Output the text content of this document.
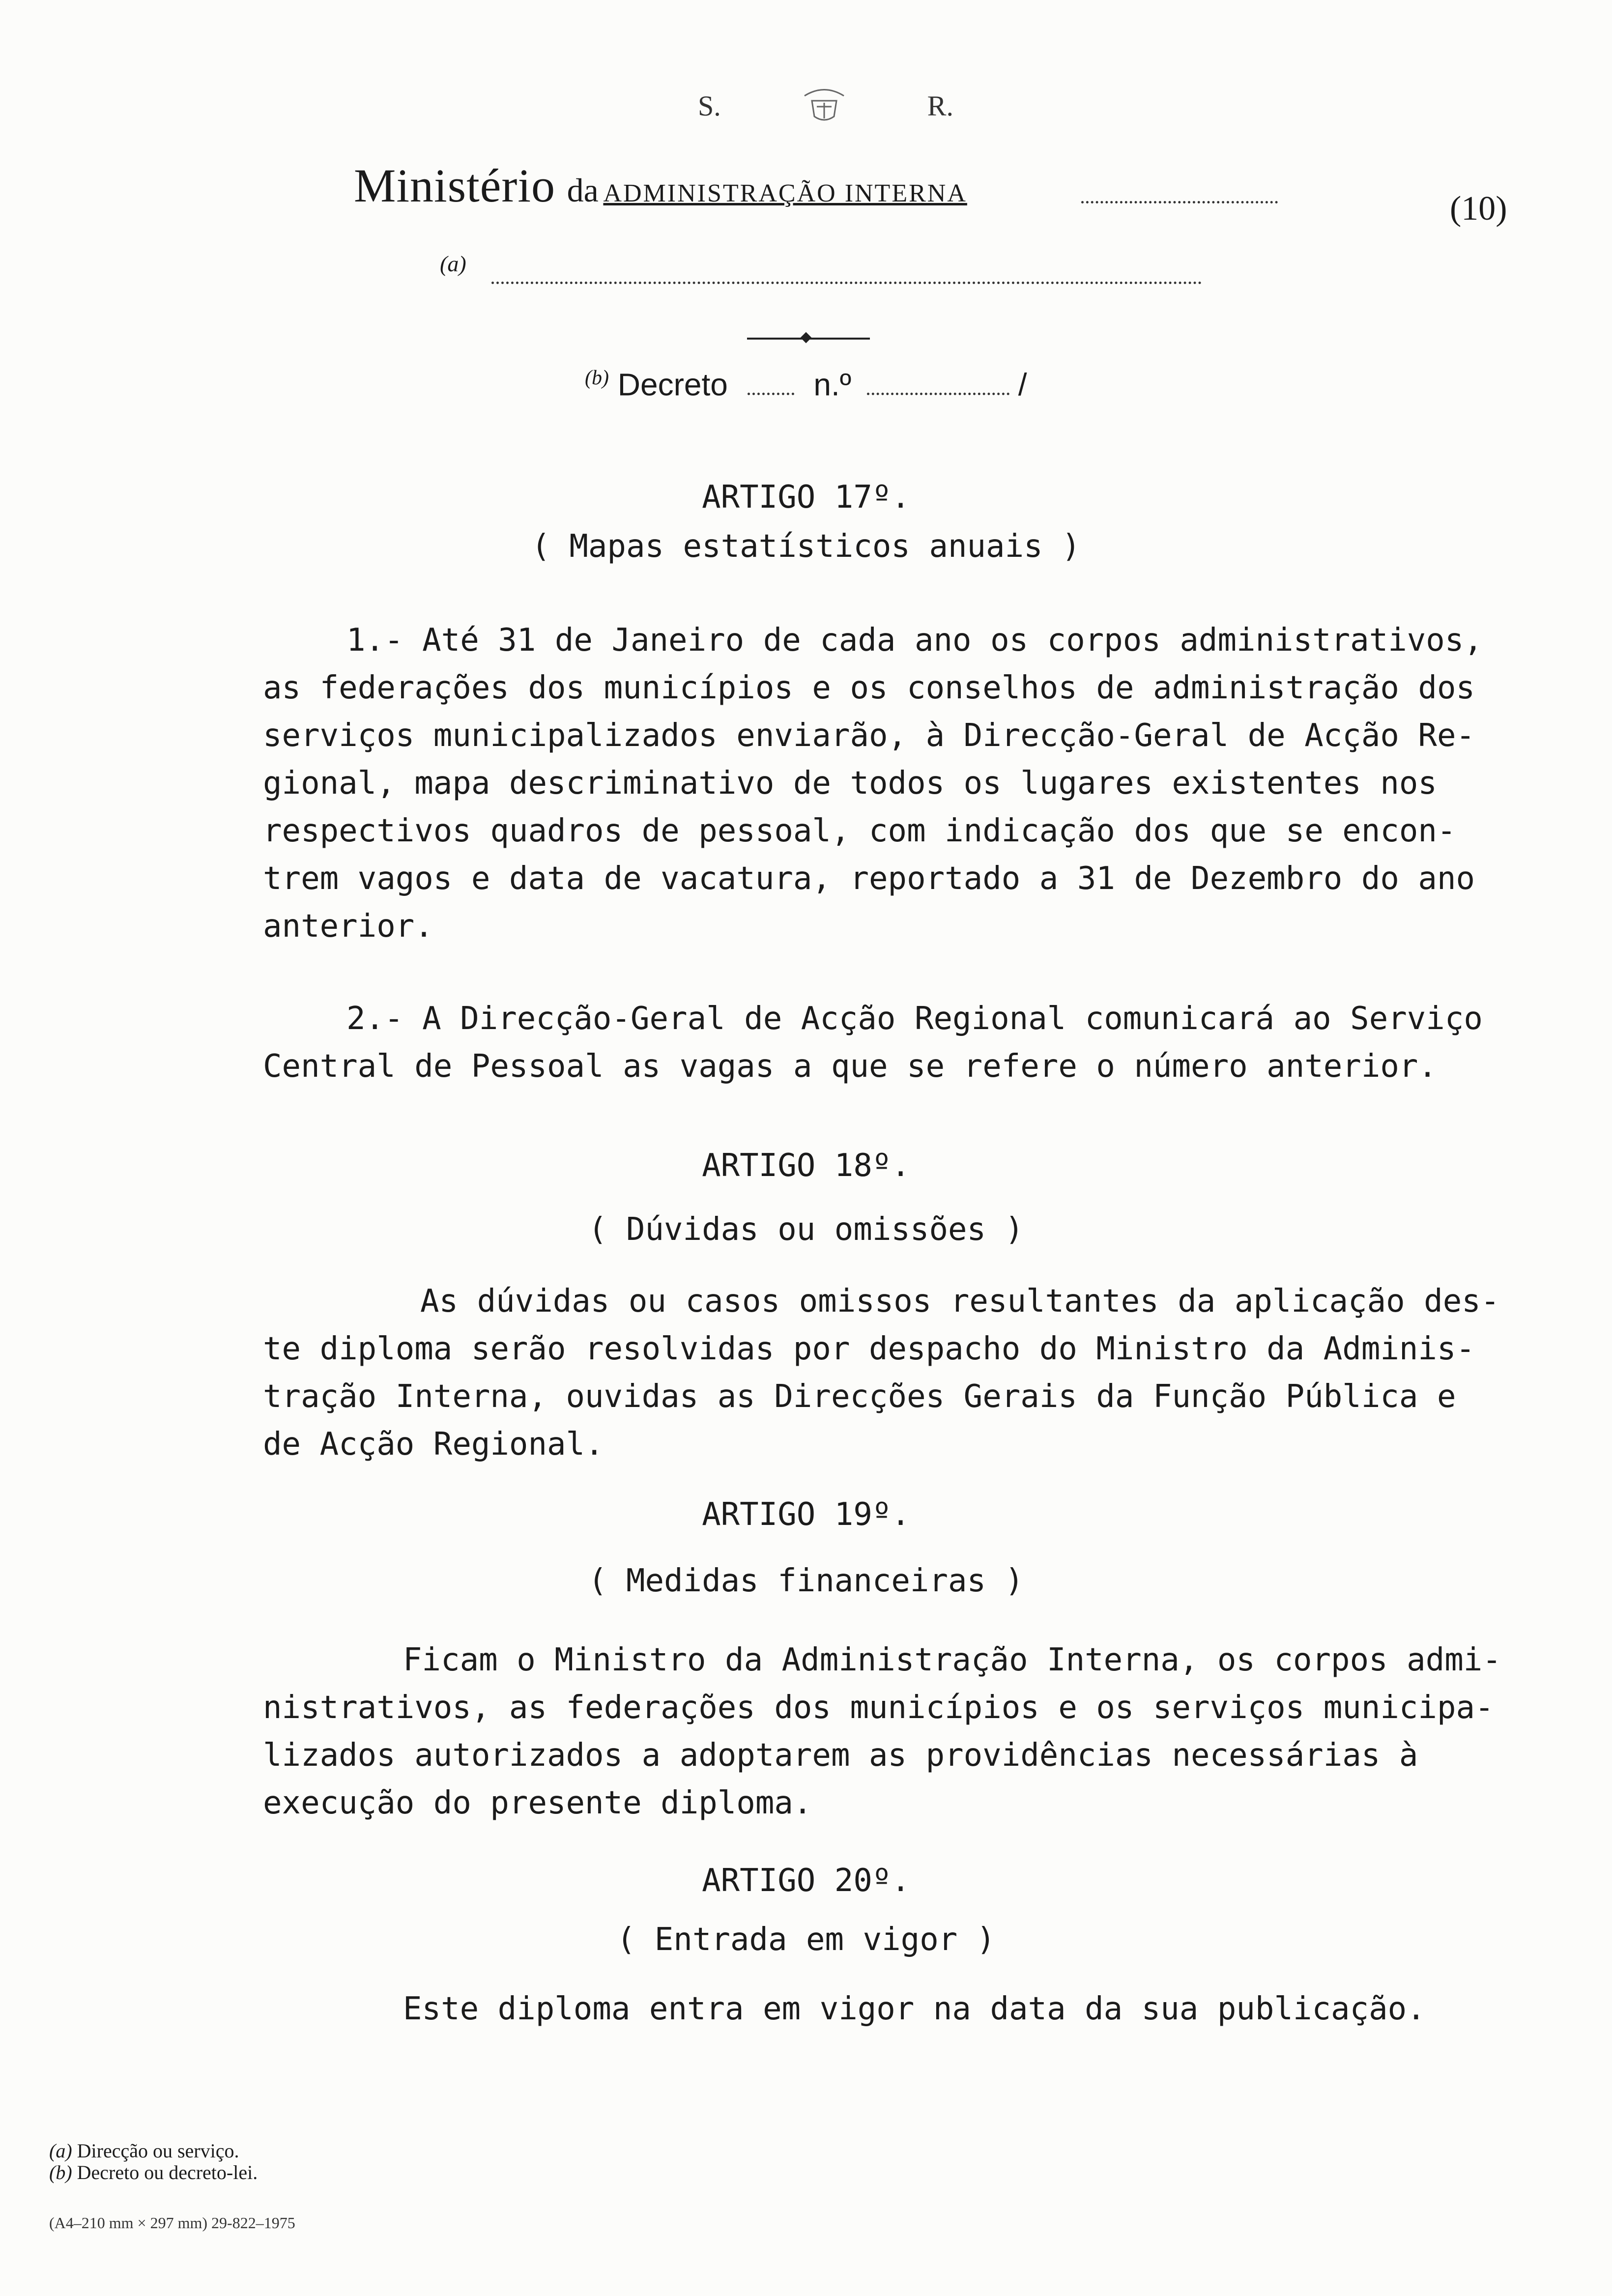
S.	R.
Ministério da ADMINISTRAÇÃO INTERNA	(10)
(a)
$^{(b)}$ Decreto	n.º	/
ARTIGO 17º.
( Mapas estatísticos anuais )
1.- Até 31 de Janeiro de cada ano os corpos administrativos,
as federações dos municípios e os conselhos de administração dos
serviços municipalizados enviarão, à Direcção-Geral de Acção Re-
gional, mapa descriminativo de todos os lugares existentes nos
respectivos quadros de pessoal, com indicação dos que se encon-
trem vagos e data de vacatura, reportado a 31 de Dezembro do ano
anterior.
2.- A Direcção-Geral de Acção Regional comunicará ao Serviço
Central de Pessoal as vagas a que se refere o número anterior.
ARTIGO 18º.
( Dúvidas ou omissões )
As dúvidas ou casos omissos resultantes da aplicação des-
te diploma serão resolvidas por despacho do Ministro da Adminis-
tração Interna, ouvidas as Direcções Gerais da Função Pública e
de Acção Regional.
ARTIGO 19º.
( Medidas financeiras )
Ficam o Ministro da Administração Interna, os corpos admi-
nistrativos, as federações dos municípios e os serviços municipa-
lizados autorizados a adoptarem as providências necessárias à
execução do presente diploma.
ARTIGO 20º.
( Entrada em vigor )
Este diploma entra em vigor na data da sua publicação.
(a) Direcção ou serviço.
(b) Decreto ou decreto-lei.
(A4–210 mm × 297 mm) 29-822–1975
